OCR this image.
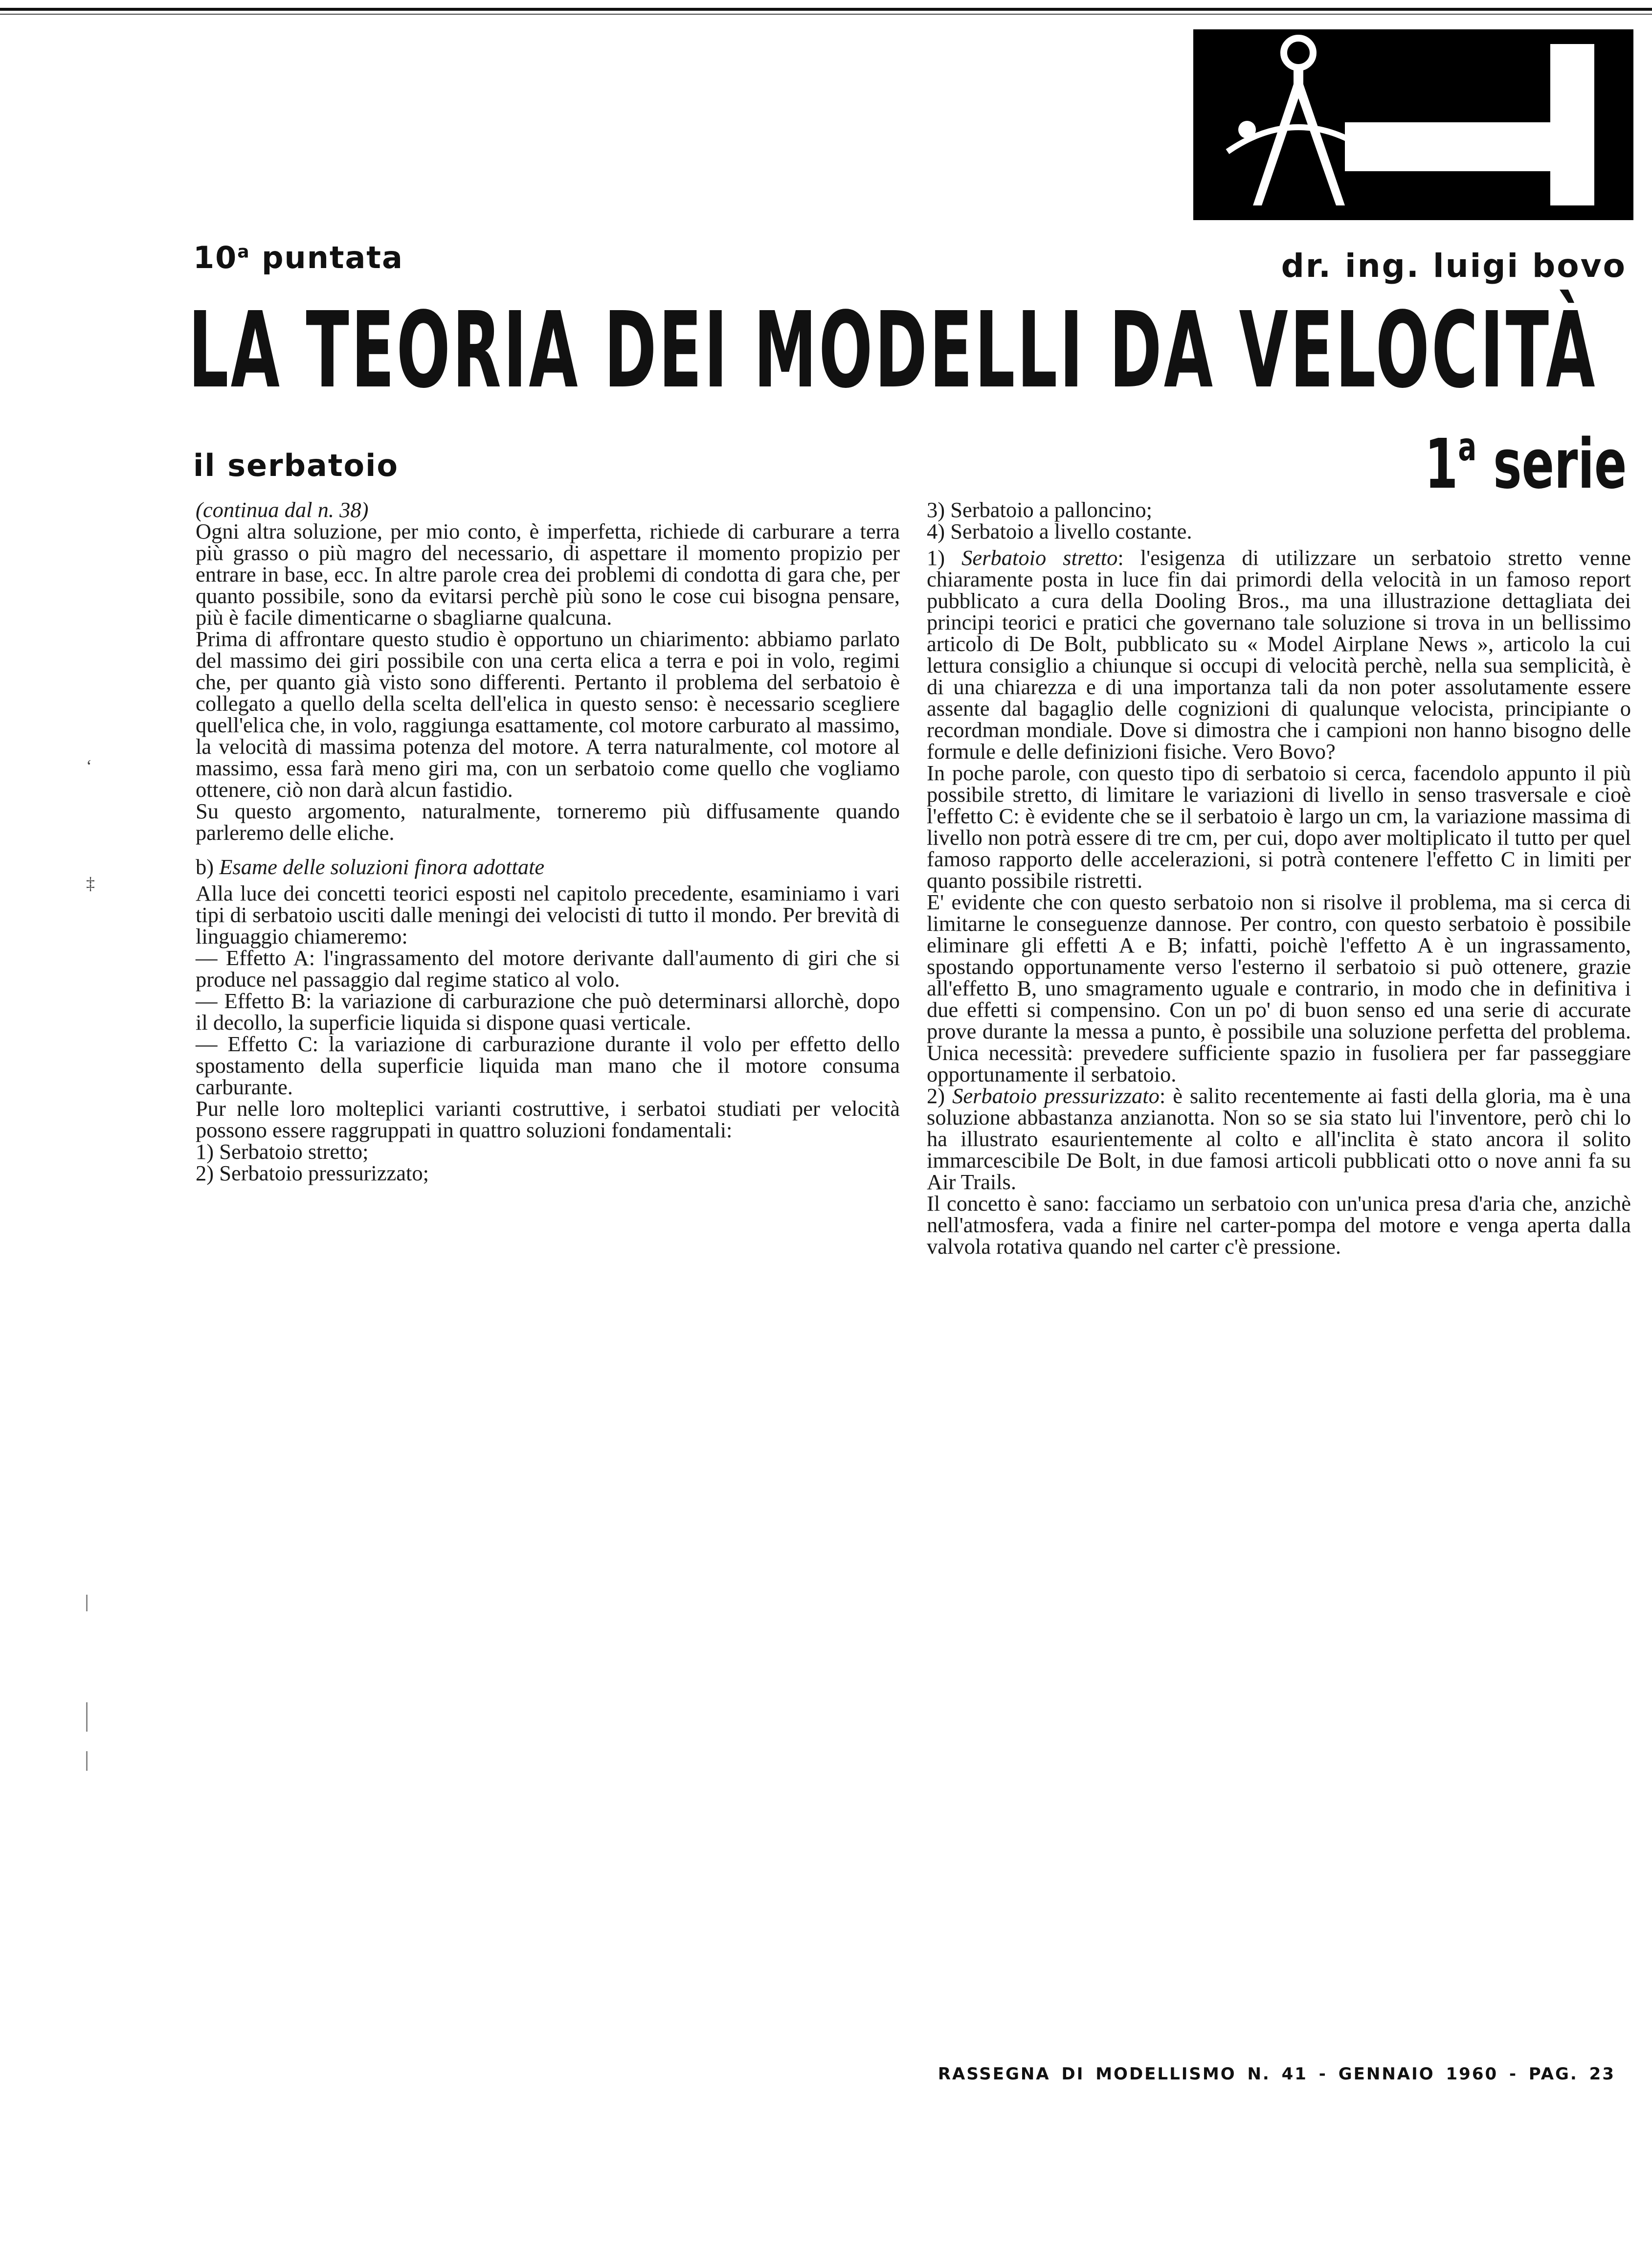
10$^a$ puntata	dr. ing. luigi bovo
LA TEORIA DEI MODELLI DA VELOCITÀ
il serbatoio	1$^a$ serie
‘
‡

(continua dal n. 38)

Ogni altra soluzione, per mio conto, è imperfetta, richiede di carburare a terra più grasso o più magro del necessario, di aspettare il momento propizio per entrare in base, ecc. In altre parole crea dei problemi di condotta di gara che, per quanto possibile, sono da evitarsi perchè più sono le cose cui bisogna pensare, più è facile dimenticarne o sbagliarne qualcuna.

Prima di affrontare questo studio è opportuno un chiarimento: abbiamo parlato del massimo dei giri possibile con una certa elica a terra e poi in volo, regimi che, per quanto già visto sono differenti. Pertanto il problema del serbatoio è collegato a quello della scelta dell'elica in questo senso: è necessario scegliere quell'elica che, in volo, raggiunga esattamente, col motore carburato al massimo, la velocità di massima potenza del motore. A terra naturalmente, col motore al massimo, essa farà meno giri ma, con un serbatoio come quello che vogliamo ottenere, ciò non darà alcun fastidio.

Su questo argomento, naturalmente, torneremo più diffusamente quando parleremo delle eliche.

b) Esame delle soluzioni finora adottate

Alla luce dei concetti teorici esposti nel capitolo precedente, esaminiamo i vari tipi di serbatoio usciti dalle meningi dei velocisti di tutto il mondo. Per brevità di linguaggio chiameremo:

— Effetto A: l'ingrassamento del motore derivante dall'aumento di giri che si produce nel passaggio dal regime statico al volo.

— Effetto B: la variazione di carburazione che può determinarsi allorchè, dopo il decollo, la superficie liquida si dispone quasi verticale.

— Effetto C: la variazione di carburazione durante il volo per effetto dello spostamento della superficie liquida man mano che il motore consuma carburante.

Pur nelle loro molteplici varianti costruttive, i serbatoi studiati per velocità possono essere raggruppati in quattro soluzioni fondamentali:

1) Serbatoio stretto;

2) Serbatoio pressurizzato;

3) Serbatoio a palloncino;

4) Serbatoio a livello costante.

1) Serbatoio stretto: l'esigenza di utilizzare un serbatoio stretto venne chiaramente posta in luce fin dai primordi della velocità in un famoso report pubblicato a cura della Dooling Bros., ma una illustrazione dettagliata dei principi teorici e pratici che governano tale soluzione si trova in un bellissimo articolo di De Bolt, pubblicato su « Model Airplane News », articolo la cui lettura consiglio a chiunque si occupi di velocità perchè, nella sua semplicità, è di una chiarezza e di una importanza tali da non poter assolutamente essere assente dal bagaglio delle cognizioni di qualunque velocista, principiante o recordman mondiale. Dove si dimostra che i campioni non hanno bisogno delle formule e delle definizioni fisiche. Vero Bovo?

In poche parole, con questo tipo di serbatoio si cerca, facendolo appunto il più possibile stretto, di limitare le variazioni di livello in senso trasversale e cioè l'effetto C: è evidente che se il serbatoio è largo un cm, la variazione massima di livello non potrà essere di tre cm, per cui, dopo aver moltiplicato il tutto per quel famoso rapporto delle accelerazioni, si potrà contenere l'effetto C in limiti per quanto possibile ristretti.

E' evidente che con questo serbatoio non si risolve il problema, ma si cerca di limitarne le conseguenze dannose. Per contro, con questo serbatoio è possibile eliminare gli effetti A e B; infatti, poichè l'effetto A è un ingrassamento, spostando opportunamente verso l'esterno il serbatoio si può ottenere, grazie all'effetto B, uno smagramento uguale e contrario, in modo che in definitiva i due effetti si compensino. Con un po' di buon senso ed una serie di accurate prove durante la messa a punto, è possibile una soluzione perfetta del problema. Unica necessità: prevedere sufficiente spazio in fusoliera per far passeggiare opportunamente il serbatoio.

2) Serbatoio pressurizzato: è salito recentemente ai fasti della gloria, ma è una soluzione abbastanza anzianotta. Non so se sia stato lui l'inventore, però chi lo ha illustrato esaurientemente al colto e all'inclita è stato ancora il solito immarcescibile De Bolt, in due famosi articoli pubblicati otto o nove anni fa su Air Trails.

Il concetto è sano: facciamo un serbatoio con un'unica presa d'aria che, anzichè nell'atmosfera, vada a finire nel carter-pompa del motore e venga aperta dalla valvola rotativa quando nel carter c'è pressione.

RASSEGNA DI MODELLISMO N. 41 - GENNAIO 1960 - PAG. 23
